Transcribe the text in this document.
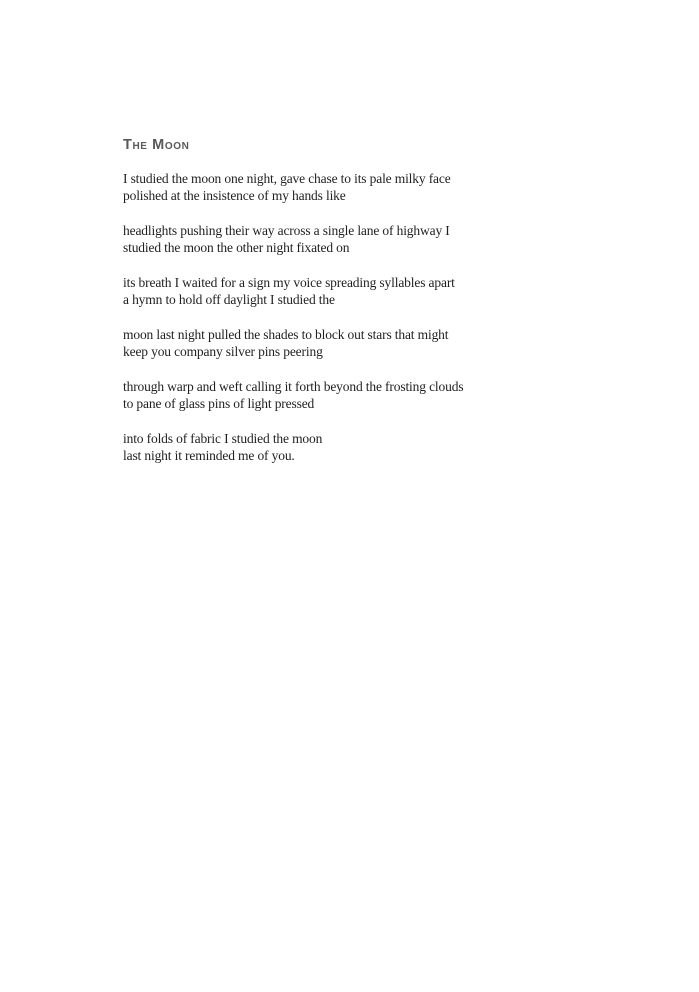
The Moon
I studied the moon one night, gave chase to its pale milky face
polished at the insistence of my hands like
headlights pushing their way across a single lane of highway I
studied the moon the other night fixated on
its breath I waited for a sign my voice spreading syllables apart
a hymn to hold off daylight I studied the
moon last night pulled the shades to block out stars that might
keep you company silver pins peering
through warp and weft calling it forth beyond the frosting clouds
to pane of glass pins of light pressed
into folds of fabric I studied the moon
last night it reminded me of you.
